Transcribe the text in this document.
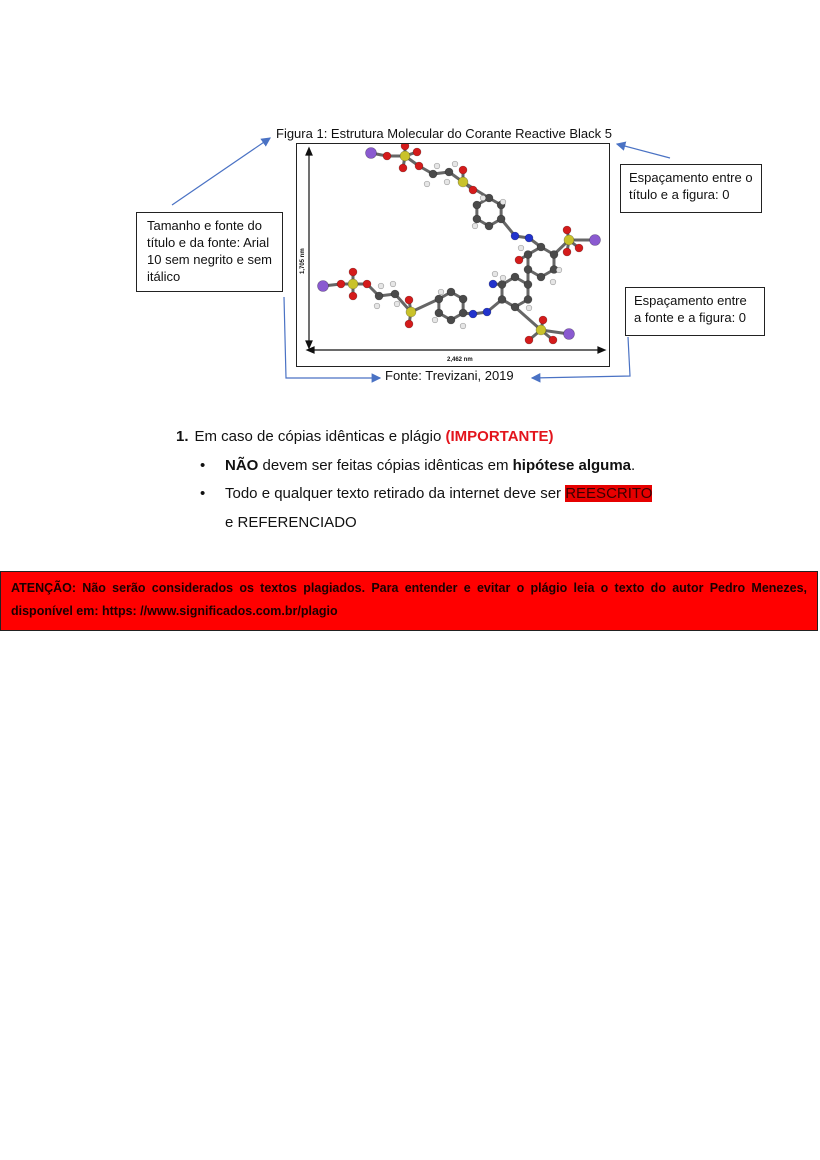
Figura 1: Estrutura Molecular do Corante Reactive Black 5
1,705 nm
2,462 nm
Fonte: Trevizani, 2019
Tamanho e fonte do título e da fonte: Arial 10 sem negrito e sem itálico
Espaçamento entre o título e a figura: 0
Espaçamento entre a fonte e a figura: 0
1. Em caso de cópias idênticas e plágio (IMPORTANTE)
• NÃO devem ser feitas cópias idênticas em hipótese alguma.
• Todo e qualquer texto retirado da internet deve ser REESCRITO
e REFERENCIADO
ATENÇÃO: Não serão considerados os textos plagiados. Para entender e evitar o plágio leia o texto do autor Pedro Menezes, disponível em: https: //www.significados.com.br/plagio
